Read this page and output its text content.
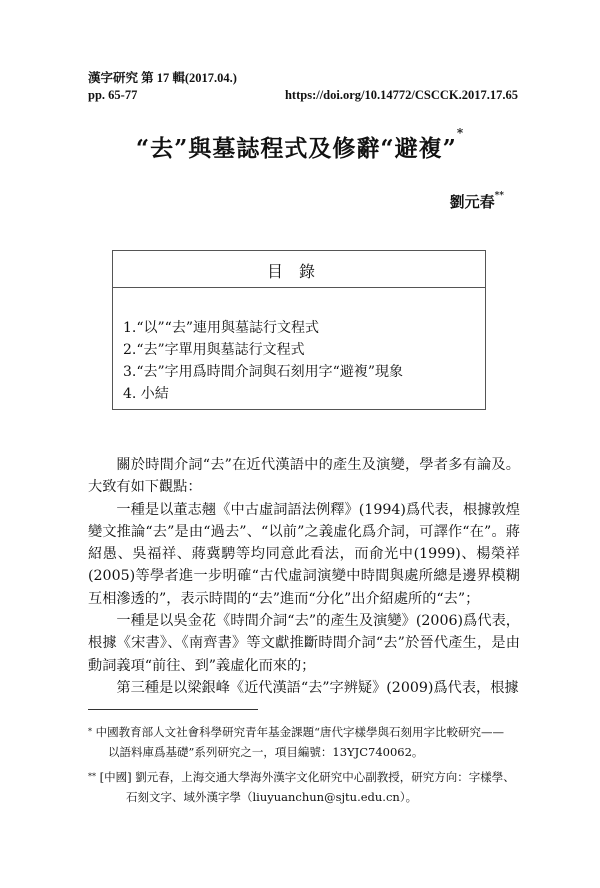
漢字研究 第 17 輯(2017.04.)
pp. 65-77	https://doi.org/10.14772/CSCCK.2017.17.65
“去”與墓誌程式及修辭“避複”*
劉元春**
目錄
1.“以”“去”連用與墓誌行文程式
2.“去”字單用與墓誌行文程式
3.“去”字用爲時間介詞與石刻用字“避複”現象
4. 小結

關於時間介詞“去”在近代漢語中的產生及演變，學者多有論及。大致有如下觀點：

一種是以董志翹《中古虛詞語法例釋》(1994)爲代表，根據敦煌變文推論“去”是由“過去”、“以前”之義虛化爲介詞，可譯作“在”。蔣紹愚、吳福祥、蔣冀騁等均同意此看法，而俞光中(1999)、楊榮祥(2005)等學者進一步明確“古代虛詞演變中時間與處所總是邊界模糊互相滲透的”，表示時間的“去”進而“分化”出介紹處所的“去”；

一種是以吳金花《時間介詞“去”的產生及演變》(2006)爲代表，根據《宋書》、《南齊書》等文獻推斷時間介詞“去”於晉代產生，是由動詞義項“前往、到”義虛化而來的；

第三種是以梁銀峰《近代漢語“去”字辨疑》(2009)爲代表，根據

* 中國教育部人文社會科學研究青年基金課題“唐代字樣學與石刻用字比較研究——
以語料庫爲基礎”系列研究之一，項目編號：13YJC740062。
** [中國] 劉元春，上海交通大學海外漢字文化研究中心副教授，研究方向：字樣學、
石刻文字、域外漢字學（liuyuanchun@sjtu.edu.cn）。
